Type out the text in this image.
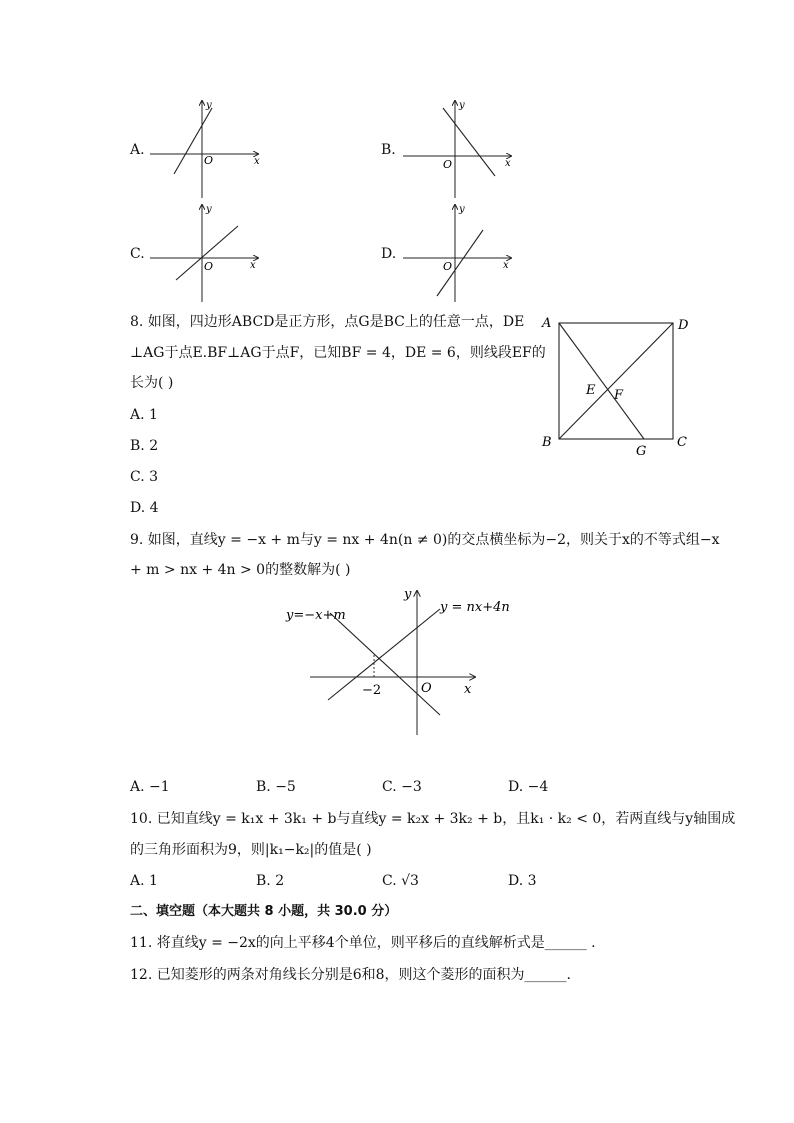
A.
x
y
O
B.
x
y
O
C.
x
y
O
D.
x
y
O
8. 如图，四边形ABCD是正方形，点G是BC上的任意一点，DE
⊥AG于点E.BF⊥AG于点F，已知BF = 4，DE = 6，则线段EF的
长为( )
A. 1
B. 2
C. 3
D. 4
A	D
B	C
G
E F
9. 如图，直线y = −x + m与y = nx + 4n(n ≠ 0)的交点横坐标为−2，则关于x的不等式组−x
+ m > nx + 4n > 0的整数解为( )
y=−x+m
y = nx+4n
y
x
O
−2
A. −1	B. −5	C. −3	D. −4
10. 已知直线y = k₁x + 3k₁ + b与直线y = k₂x + 3k₂ + b，且k₁ · k₂ < 0，若两直线与y轴围成
的三角形面积为9，则|k₁−k₂|的值是( )
A. 1	B. 2	C. √3	D. 3
二、填空题（本大题共 8 小题，共 30.0 分）
11. 将直线y = −2x的向上平移4个单位，则平移后的直线解析式是______ .
12. 已知菱形的两条对角线长分别是6和8，则这个菱形的面积为______.
